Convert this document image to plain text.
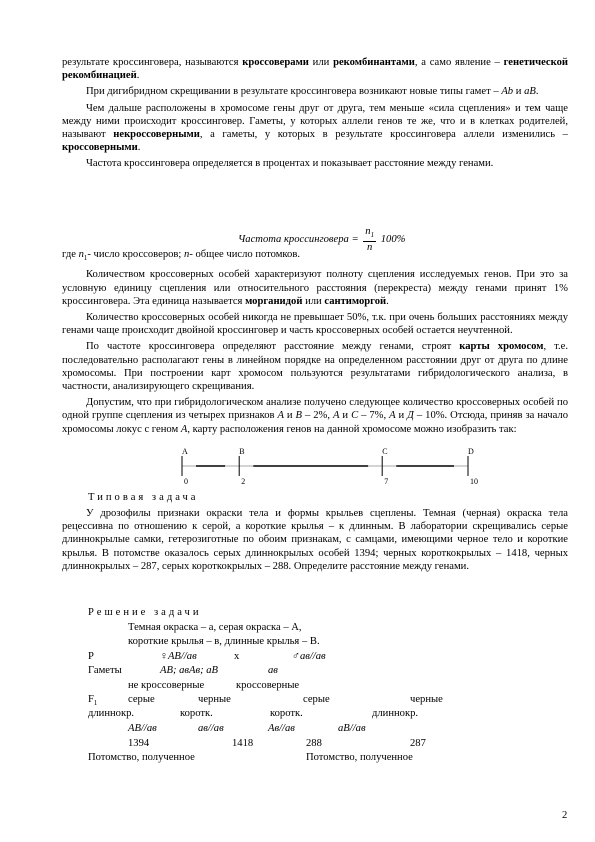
результате кроссинговера, называются кроссоверами или рекомбинантами, а само явление – генетической рекомбинацией.

При дигибридном скрещивании в результате кроссинговера возникают новые типы гамет – Ab и aB.

Чем дальше расположены в хромосоме гены друг от друга, тем меньше «сила сцепления» и тем чаще между ними происходит кроссинговер. Гаметы, у которых аллели генов те же, что и в клетках родителей, называют некроссоверными, а гаметы, у которых в результате кроссинговера аллели изменились – кроссоверными.

Частота кроссинговера определяется в процентах и показывает расстояние между генами.

Частота кроссинговера = $\frac{n_1}{n} 100\%$

где $n_1-$ число кроссоверов; n- общее число потомков.

Количеством кроссоверных особей характеризуют полноту сцепления исследуемых генов. При это за условную единицу сцепления или относительного расстояния (перекреста) между генами принят 1% кроссинговера. Эта единица называется морганидой или сантиморгой.

Количество кроссоверных особей никогда не превышает 50%, т.к. при очень больших расстояниях между генами чаще происходит двойной кроссинговер и часть кроссоверных особей остается неучтенной.

По частоте кроссинговера определяют расстояние между генами, строят карты хромосом, т.е. последовательно располагают гены в линейном порядке на определенном расстоянии друг от друга по длине хромосомы. При построении карт хромосом пользуются результатами гибридологического анализа, в частности, анализирующего скрещивания.

Допустим, что при гибридологическом анализе получено следующее количество кроссоверных особей по одной группе сцепления из четырех признаков А и В – 2%, А и С – 7%, А и Д – 10%. Отсюда, приняв за начало хромосомы локус с геном А, карту расположения генов на данной хромосоме можно изобразить так:

A
0
B
2
C
7
D
10
Типовая задача

У дрозофилы признаки окраски тела и формы крыльев сцеплены. Темная (черная) окраска тела рецессивна по отношению к серой, а короткие крылья – к длинным. В лаборатории скрещивались серые длиннокрылые самки, гетерозиготные по обоим признакам, с самцами, имеющими черное тело и короткие крылья. В потомстве оказалось серых длиннокрылых особей 1394; черных короткокрылых – 1418, черных длиннокрылых – 287, серых короткокрылых – 288. Определите расстояние между генами.

Решение задачи
Темная окраска – а, серая окраска – А,
короткие крылья – в, длинные крылья – В.
Р	♀АВ//ав	х	♂ав//ав
Гаметы	АВ; авАв; аВ	ав
не кроссоверные	кроссоверные
$F_1$	серые	черные	серые	черные
длиннокр.	коротк.	коротк.	длиннокр.
АВ//ав	ав//ав	Ав//ав	аВ//ав
1394	1418	288	287
Потомство, полученное	Потомство, полученное
2
